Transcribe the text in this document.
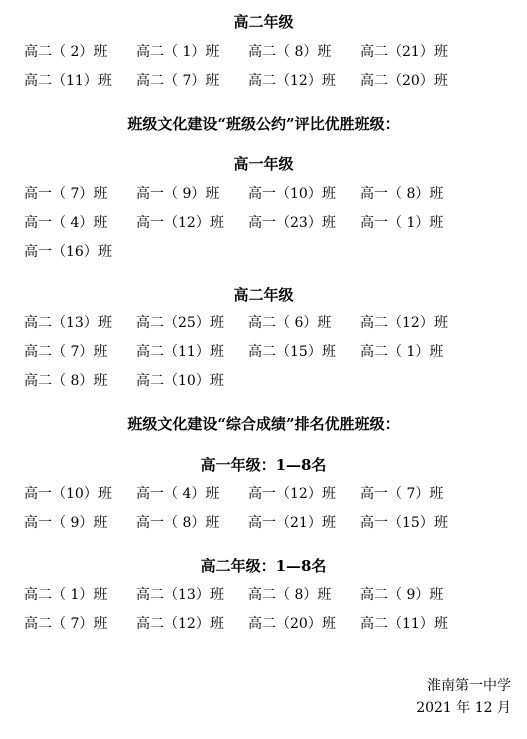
高二年级
高二（ 2）班 高二（ 1）班 高二（ 8）班 高二（21）班
高二（11）班 高二（ 7）班 高二（12）班 高二（20）班
班级文化建设“班级公约”评比优胜班级：
高一年级
高一（ 7）班 高一（ 9）班 高一（10）班 高一（ 8）班
高一（ 4）班 高一（12）班 高一（23）班 高一（ 1）班
高一（16）班
高二年级
高二（13）班 高二（25）班 高二（ 6）班 高二（12）班
高二（ 7）班 高二（11）班 高二（15）班 高二（ 1）班
高二（ 8）班 高二（10）班
班级文化建设“综合成绩”排名优胜班级：
高一年级：1—8名
高一（10）班 高一（ 4）班 高一（12）班 高一（ 7）班
高一（ 9）班 高一（ 8）班 高一（21）班 高一（15）班
高二年级：1—8名
高二（ 1）班 高二（13）班 高二（ 8）班 高二（ 9）班
高二（ 7）班 高二（12）班 高二（20）班 高二（11）班
淮南第一中学
2021 年 12 月
